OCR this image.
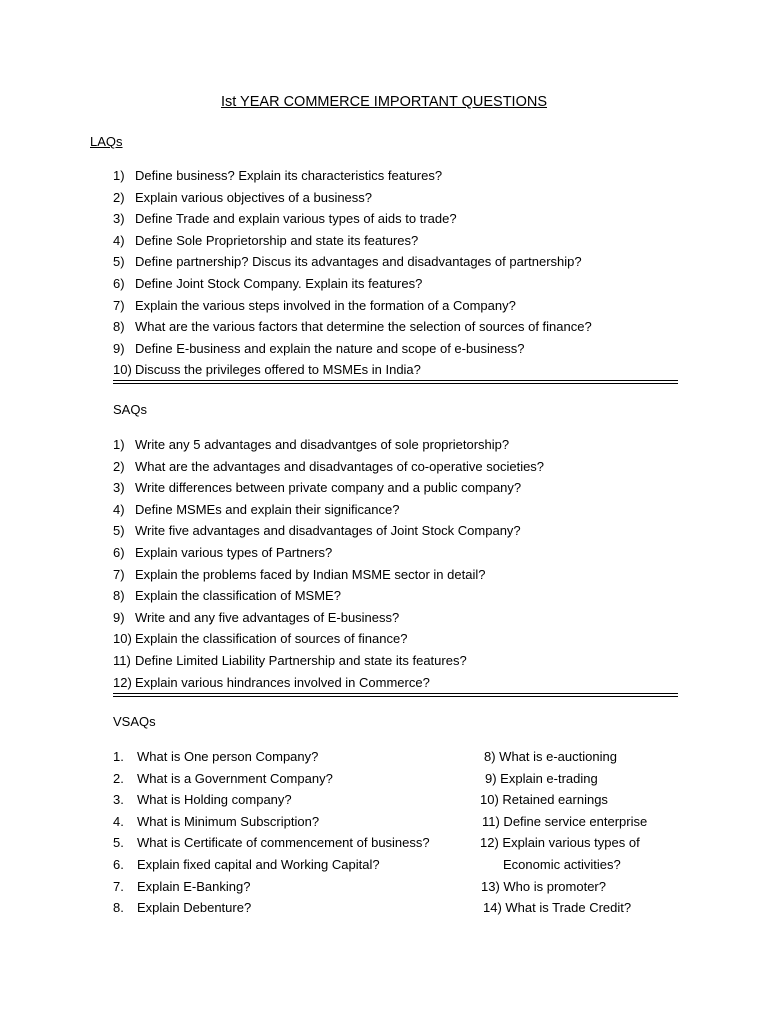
Ist YEAR COMMERCE IMPORTANT QUESTIONS
LAQs
1) Define business? Explain its characteristics features?
2) Explain various objectives of a business?
3) Define Trade and explain various types of aids to trade?
4) Define Sole Proprietorship and state its features?
5) Define partnership? Discus its advantages and disadvantages of partnership?
6) Define Joint Stock Company. Explain its features?
7) Explain the various steps involved in the formation of a Company?
8) What are the various factors that determine the selection of sources of finance?
9) Define E-business and explain the nature and scope of e-business?
10) Discuss the privileges offered to MSMEs in India?
SAQs
1) Write any 5 advantages and disadvantges of sole proprietorship?
2) What are the advantages and disadvantages of co-operative societies?
3) Write differences between private company and a public company?
4) Define MSMEs and explain their significance?
5) Write five advantages and disadvantages of Joint Stock Company?
6) Explain various types of Partners?
7) Explain the problems faced by Indian MSME sector in detail?
8) Explain the classification of MSME?
9) Write and any five advantages of E-business?
10) Explain the classification of sources of finance?
11) Define Limited Liability Partnership and state its features?
12) Explain various hindrances involved in Commerce?
VSAQs
1.	What is One person Company?
2.	What is a Government Company?
3.	What is Holding company?
4.	What is Minimum Subscription?
5.	What is Certificate of commencement of business?
6.	Explain fixed capital and Working Capital?
7.	Explain E-Banking?
8.	Explain Debenture?
8) What is e-auctioning
9) Explain e-trading
10) Retained earnings
11) Define service enterprise
12) Explain various types of
Economic activities?
13) Who is promoter?
14) What is Trade Credit?
